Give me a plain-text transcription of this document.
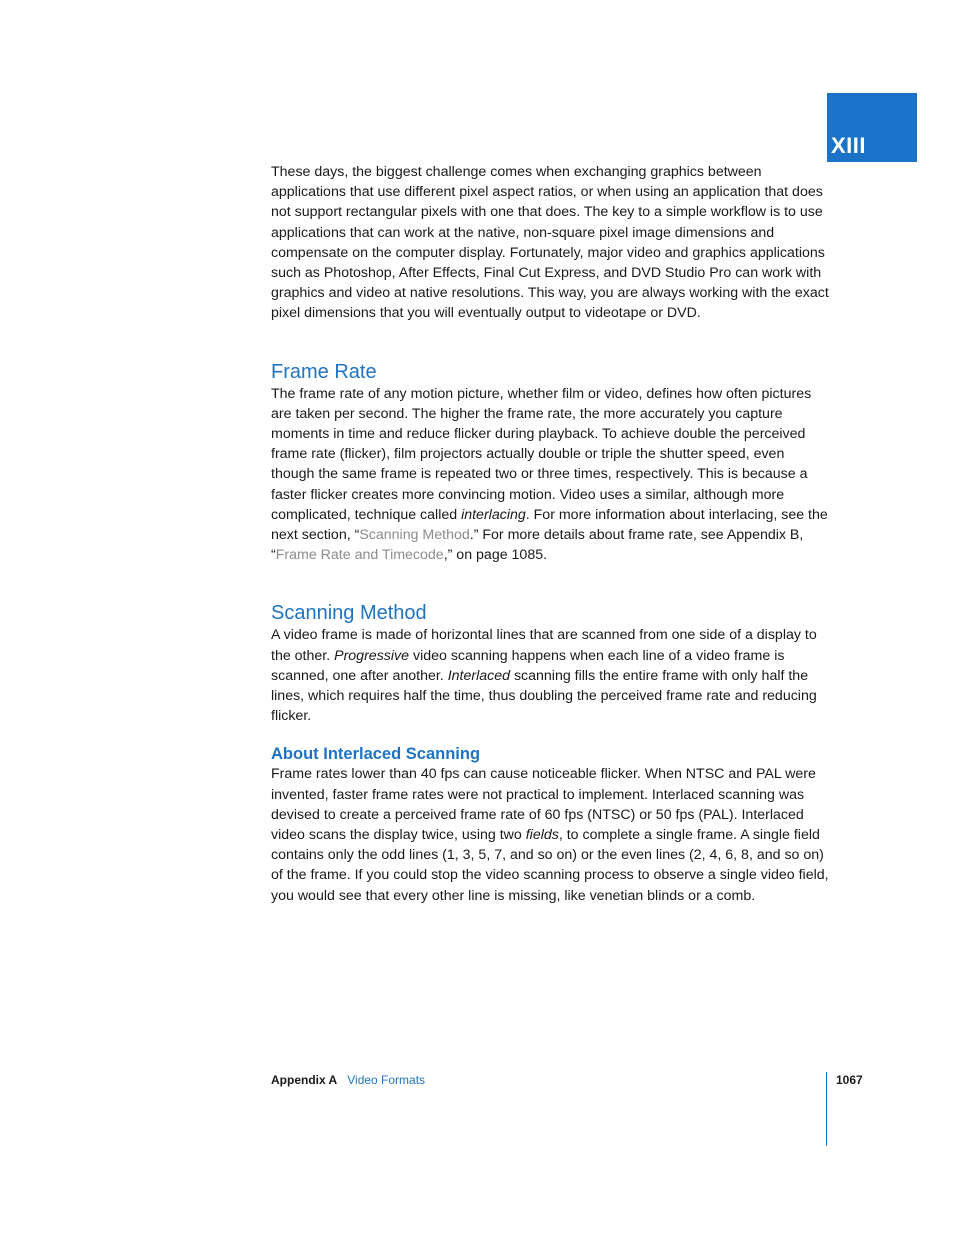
XIII

These days, the biggest challenge comes when exchanging graphics between applications that use different pixel aspect ratios, or when using an application that does not support rectangular pixels with one that does. The key to a simple workflow is to use applications that can work at the native, non-square pixel image dimensions and compensate on the computer display. Fortunately, major video and graphics applications such as Photoshop, After Effects, Final Cut Express, and DVD Studio Pro can work with graphics and video at native resolutions. This way, you are always working with the exact pixel dimensions that you will eventually output to videotape or DVD.

Frame Rate

The frame rate of any motion picture, whether film or video, defines how often pictures are taken per second. The higher the frame rate, the more accurately you capture moments in time and reduce flicker during playback. To achieve double the perceived frame rate (flicker), film projectors actually double or triple the shutter speed, even though the same frame is repeated two or three times, respectively. This is because a faster flicker creates more convincing motion. Video uses a similar, although more complicated, technique called interlacing. For more information about interlacing, see the next section, “Scanning Method.” For more details about frame rate, see Appendix B, “Frame Rate and Timecode,” on page 1085.

Scanning Method

A video frame is made of horizontal lines that are scanned from one side of a display to the other. Progressive video scanning happens when each line of a video frame is scanned, one after another. Interlaced scanning fills the entire frame with only half the lines, which requires half the time, thus doubling the perceived frame rate and reducing flicker.

About Interlaced Scanning

Frame rates lower than 40 fps can cause noticeable flicker. When NTSC and PAL were invented, faster frame rates were not practical to implement. Interlaced scanning was devised to create a perceived frame rate of 60 fps (NTSC) or 50 fps (PAL). Interlaced video scans the display twice, using two fields, to complete a single frame. A single field contains only the odd lines (1, 3, 5, 7, and so on) or the even lines (2, 4, 6, 8, and so on) of the frame. If you could stop the video scanning process to observe a single video field, you would see that every other line is missing, like venetian blinds or a comb.

Appendix A Video Formats	1067
